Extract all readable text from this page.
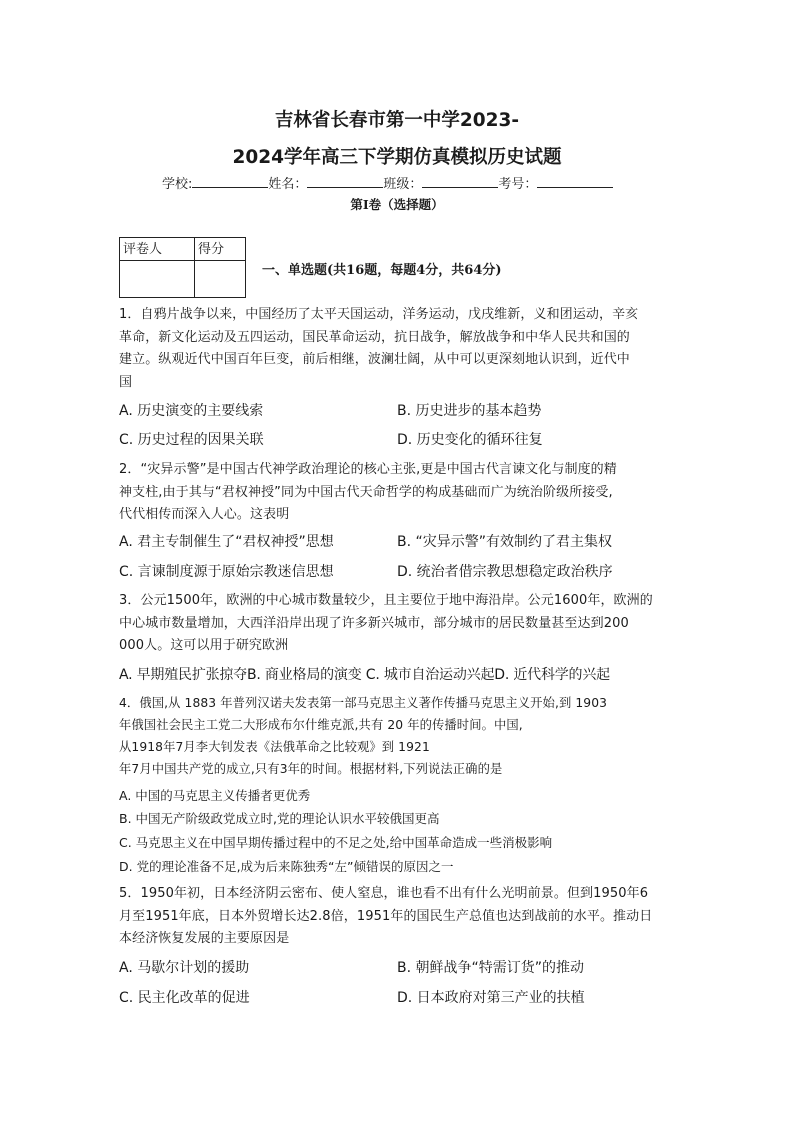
吉林省长春市第一中学2023-
2024学年高三下学期仿真模拟历史试题
学校:	姓名：	班级：	考号：
第I卷（选择题）
评卷人	得分

一、单选题(共16题，每题4分，共64分)
1．自鸦片战争以来，中国经历了太平天国运动，洋务运动，戊戌维新，义和团运动，辛亥
革命，新文化运动及五四运动，国民革命运动，抗日战争，解放战争和中华人民共和国的
建立。纵观近代中国百年巨变，前后相继，波澜壮阔，从中可以更深刻地认识到，近代中
国
A. 历史演变的主要线索	B. 历史进步的基本趋势
C. 历史过程的因果关联	D. 历史变化的循环往复
2．“灾异示警”是中国古代神学政治理论的核心主张,更是中国古代言谏文化与制度的精
神支柱,由于其与“君权神授”同为中国古代天命哲学的构成基础而广为统治阶级所接受,
代代相传而深入人心。这表明
A. 君主专制催生了“君权神授”思想	B. “灾异示警”有效制约了君主集权
C. 言谏制度源于原始宗教迷信思想	D. 统治者借宗教思想稳定政治秩序
3．公元1500年，欧洲的中心城市数量较少，且主要位于地中海沿岸。公元1600年，欧洲的
中心城市数量增加，大西洋沿岸出现了许多新兴城市，部分城市的居民数量甚至达到200
000人。这可以用于研究欧洲
A. 早期殖民扩张掠夺B. 商业格局的演变 C. 城市自治运动兴起D. 近代科学的兴起
4．俄国,从 1883 年普列汉诺夫发表第一部马克思主义著作传播马克思主义开始,到 1903
年俄国社会民主工党二大形成布尔什维克派,共有 20 年的传播时间。中国,
从1918年7月李大钊发表《法俄革命之比较观》到 1921
年7月中国共产党的成立,只有3年的时间。根据材料,下列说法正确的是
A. 中国的马克思主义传播者更优秀
B. 中国无产阶级政党成立时,党的理论认识水平较俄国更高
C. 马克思主义在中国早期传播过程中的不足之处,给中国革命造成一些消极影响
D. 党的理论准备不足,成为后来陈独秀“左”倾错误的原因之一
5．1950年初，日本经济阴云密布、使人窒息，谁也看不出有什么光明前景。但到1950年6
月至1951年底，日本外贸增长达2.8倍，1951年的国民生产总值也达到战前的水平。推动日
本经济恢复发展的主要原因是
A. 马歇尔计划的援助	B. 朝鲜战争“特需订货”的推动
C. 民主化改革的促进	D. 日本政府对第三产业的扶植
